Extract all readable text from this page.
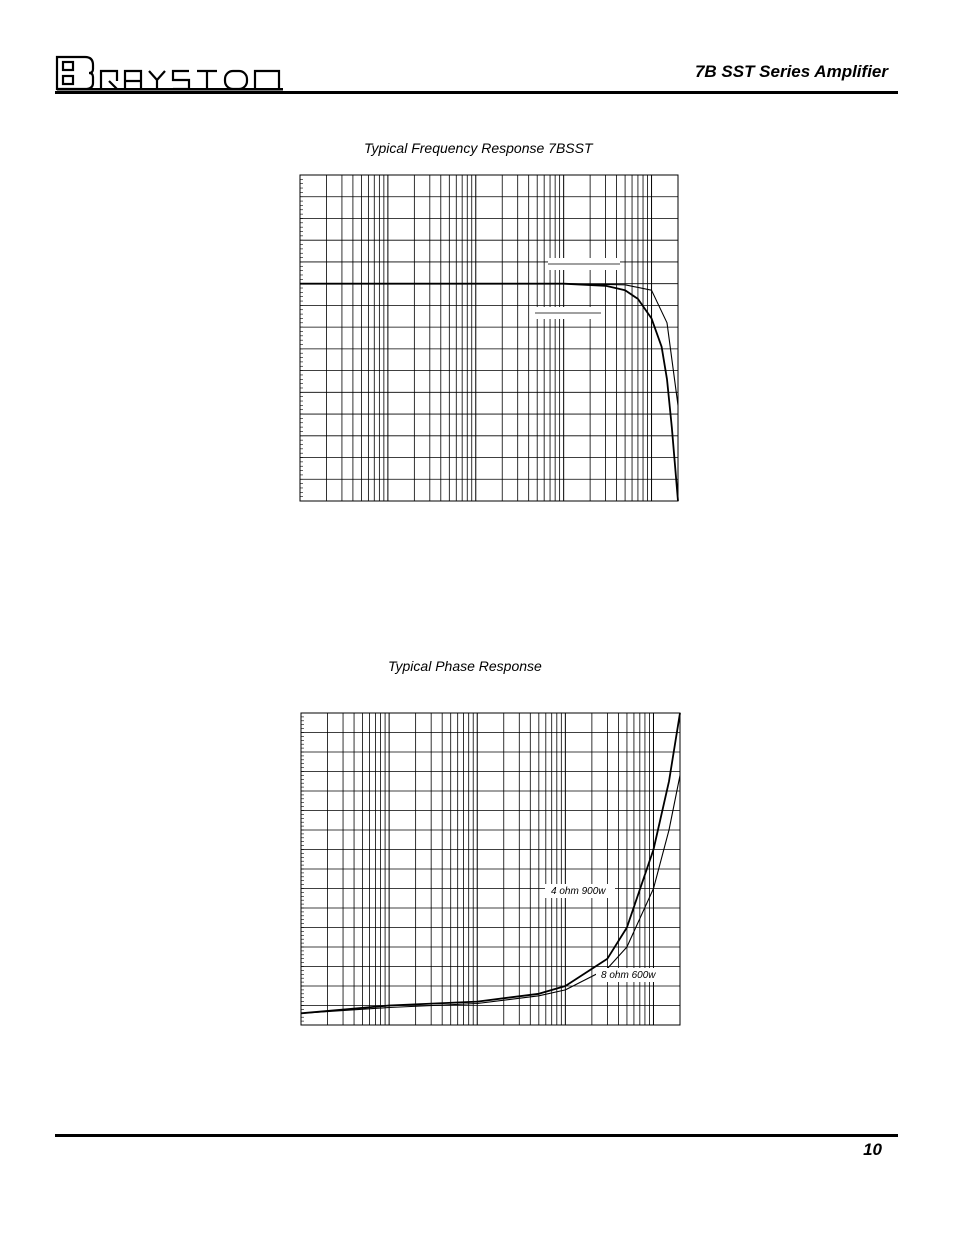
7B SST Series Amplifier
Typical Frequency Response 7BSST
4 ohm 900w
8 ohm 600w
Typical Phase Response
10
